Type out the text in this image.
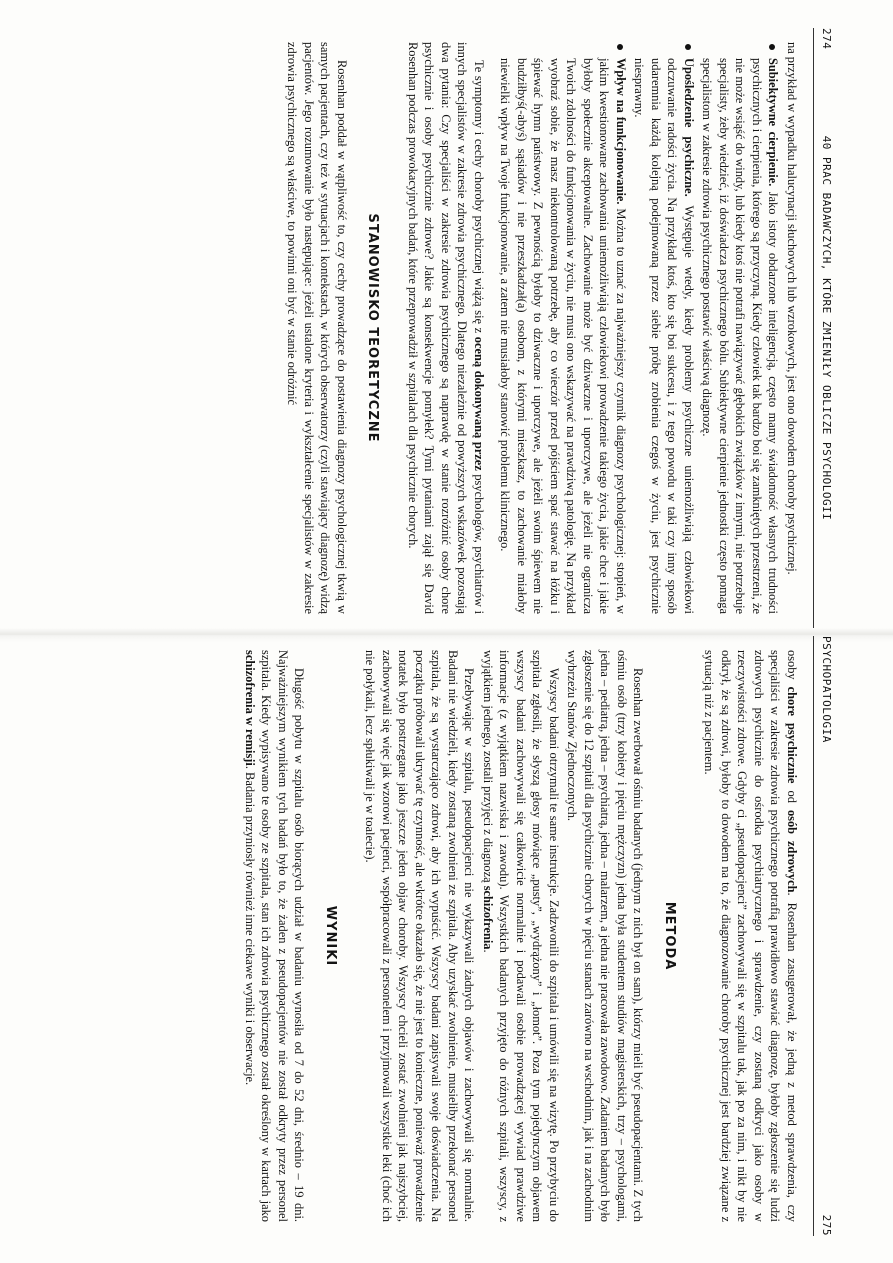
274
40 PRAC BADAWCZYCH, KTÓRE ZMIENIŁY OBLICZE PSYCHOLOGII

na przykład w wypadku halucynacji słuchowych lub wzrokowych, jest ono dowodem choroby psychicznej.

Subiektywne cierpienie. Jako istoty obdarzone inteligencją, często mamy świadomość własnych trudności psychicznych i cierpienia, którego są przyczyną. Kiedy człowiek tak bardzo boi się zamkniętych przestrzeni, że nie może wsiąść do windy, lub kiedy ktoś nie potrafi nawiązywać głębokich związków z innymi, nie potrzebuje specjalisty, żeby wiedzieć, iż doświadcza psychicznego bólu. Subiektywne cierpienie jednostki często pomaga specjalistom w zakresie zdrowia psychicznego postawić właściwą diagnozę.
Upośledzenie psychiczne. Występuje wtedy, kiedy problemy psychiczne uniemożliwiają człowiekowi odczuwanie radości życia. Na przykład ktoś, kto się boi sukcesu, i z tego powodu w taki czy inny sposób udaremnia każdą kolejną podejmowaną przez siebie próbę zrobienia czegoś w życiu, jest psychicznie niesprawny.
Wpływ na funkcjonowanie. Można to uznać za najważniejszy czynnik diagnozy psychologicznej: stopień, w jakim kwestionowane zachowania uniemożliwiają człowiekowi prowadzenie takiego życia, jakie chce i jakie byłoby społecznie akceptowalne. Zachowanie może być dziwaczne i uporczywe, ale jeżeli nie ogranicza Twoich zdolności do funkcjonowania w życiu, nie musi ono wskazywać na prawdziwą patologię. Na przykład wyobraź sobie, że masz niekontrolowaną potrzebę, aby co wieczór przed pójściem spać stawać na łóżku i śpiewać hymn państwowy. Z pewnością byłoby to dziwaczne i uporczywe, ale jeżeli swoim śpiewem nie budziłbyś(-abyś) sąsiadów i nie przeszkadzał(a) osobom, z którymi mieszkasz, to zachowanie miałoby niewielki wpływ na Twoje funkcjonowanie, a zatem nie musiałoby stanowić problemu klinicznego.

Te symptomy i cechy choroby psychicznej wiążą się z oceną dokonywaną przez psychologów, psychiatrów i innych specjalistów w zakresie zdrowia psychicznego. Dlatego niezależnie od powyższych wskazówek pozostają dwa pytania: Czy specjaliści w zakresie zdrowia psychicznego są naprawdę w stanie rozróżnić osoby chore psychicznie i osoby psychicznie zdrowe? Jakie są konsekwencje pomyłek? Tymi pytaniami zajął się David Rosenhan podczas prowokacyjnych badań, które przeprowadził w szpitalach dla psychicznie chorych.

STANOWISKO TEORETYCZNE

Rosenhan poddał w wątpliwość to, czy cechy prowadzące do postawienia diagnozy psychologicznej tkwią w samych pacjentach, czy też w sytuacjach i kontekstach, w których obserwatorzy (czyli stawiający diagnozę) widzą pacjentów. Jego rozumowanie było następujące: jeżeli ustalone kryteria i wykształcenie specjalistów w zakresie zdrowia psychicznego są właściwe, to powinni oni być w stanie odróżnić

PSYCHOPATOLOGIA
275

osoby chore psychicznie od osób zdrowych. Rosenhan zasugerował, że jedną z metod sprawdzenia, czy specjaliści w zakresie zdrowia psychicznego potrafią prawidłowo stawiać diagnozę, byłoby zgłoszenie się ludzi zdrowych psychicznie do ośrodka psychiatrycznego i sprawdzenie, czy zostaną odkryci jako osoby w rzeczywistości zdrowe. Gdyby ci „pseudopacjenci” zachowywali się w szpitalu tak, jak po za nim, i nikt by nie odkrył, że są zdrowi, byłoby to dowodem na to, że diagnozowanie choroby psychicznej jest bardziej związane z sytuacją niż z pacjentem.

METODA

Rosenhan zwerbował ośmiu badanych (jednym z nich był on sam), którzy mieli być pseudopacjentami. Z tych ośmiu osób (trzy kobiety i pięciu mężczyzn) jedna była studentem studiów magisterskich, trzy – psychologami, jedna – pediatrą, jedna – psychiatrą, jedna – malarzem, a jedna nie pracowała zawodowo. Zadaniem badanych było zgłoszenie się do 12 szpitali dla psychicznie chorych w pięciu stanach zarówno na wschodnim, jak i na zachodnim wybrzeżu Stanów Zjednoczonych.

Wszyscy badani otrzymali te same instrukcje. Zadzwonili do szpitala i umówili się na wizytę. Po przybyciu do szpitala zgłosili, że słyszą głosy mówiące „pusty”, „wydrążony” i „łomot”. Poza tym pojedynczym objawem wszyscy badani zachowywali się całkowicie normalnie i podawali osobie prowadzącej wywiad prawdziwe informacje (z wyjątkiem nazwiska i zawodu). Wszystkich badanych przyjęto do różnych szpitali, wszyscy, z wyjątkiem jednego, zostali przyjęci z diagnozą schizofrenia.

Przebywając w szpitalu, pseudopacjenci nie wykazywali żadnych objawów i zachowywali się normalnie. Badani nie wiedzieli, kiedy zostaną zwolnieni ze szpitala. Aby uzyskać zwolnienie, musieliby przekonać personel szpitala, że są wystarczająco zdrowi, aby ich wypuścić. Wszyscy badani zapisywali swoje doświadczenia. Na początku próbowali ukrywać tę czynność, ale wkrótce okazało się, że nie jest to konieczne, ponieważ prowadzenie notatek było postrzegane jako jeszcze jeden objaw choroby. Wszyscy chcieli zostać zwolnieni jak najszybciej, zachowywali się więc jak wzorowi pacjenci, współpracowali z personelem i przyjmowali wszystkie leki (choć ich nie połykali, lecz spłukiwali je w toalecie).

WYNIKI

Długość pobytu w szpitalu osób biorących udział w badaniu wynosiła od 7 do 52 dni, średnio – 19 dni. Najważniejszym wynikiem tych badań było to, że żaden z pseudopacjentów nie został odkryty przez personel szpitala. Kiedy wypisywano te osoby ze szpitala, stan ich zdrowia psychicznego został określony w kartach jako schizofrenia w remisji. Badania przyniosły również inne ciekawe wyniki i obserwacje.
